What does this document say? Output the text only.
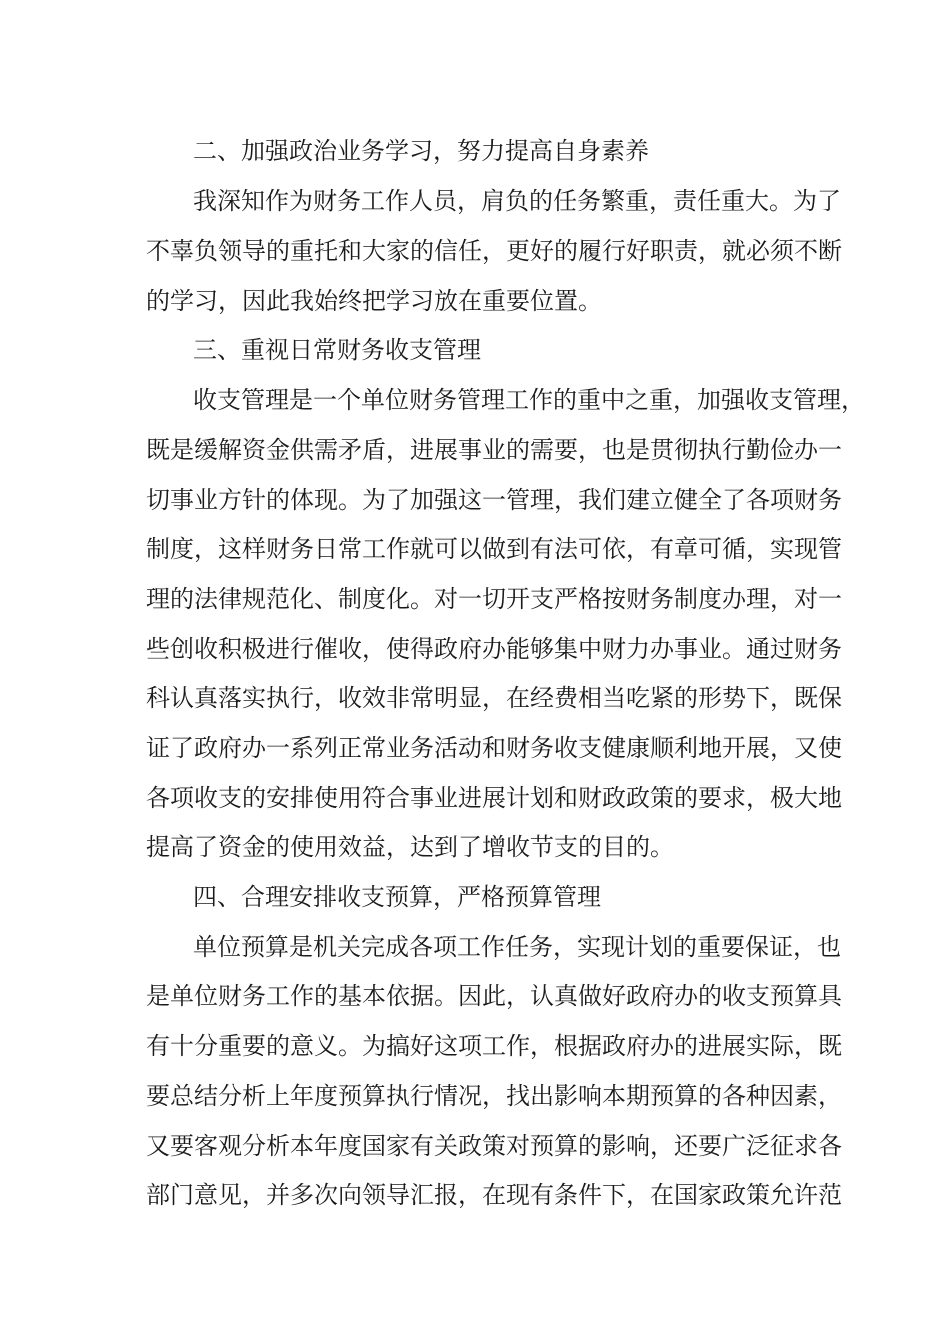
二、加强政治业务学习，努力提高自身素养
我深知作为财务工作人员，肩负的任务繁重，责任重大。为了
不辜负领导的重托和大家的信任，更好的履行好职责，就必须不断
的学习，因此我始终把学习放在重要位置。
三、重视日常财务收支管理
收支管理是一个单位财务管理工作的重中之重，加强收支管理，
既是缓解资金供需矛盾，进展事业的需要，也是贯彻执行勤俭办一
切事业方针的体现。为了加强这一管理，我们建立健全了各项财务
制度，这样财务日常工作就可以做到有法可依，有章可循，实现管
理的法律规范化、制度化。对一切开支严格按财务制度办理，对一
些创收积极进行催收，使得政府办能够集中财力办事业。通过财务
科认真落实执行，收效非常明显，在经费相当吃紧的形势下，既保
证了政府办一系列正常业务活动和财务收支健康顺利地开展，又使
各项收支的安排使用符合事业进展计划和财政政策的要求，极大地
提高了资金的使用效益，达到了增收节支的目的。
四、合理安排收支预算，严格预算管理
单位预算是机关完成各项工作任务，实现计划的重要保证，也
是单位财务工作的基本依据。因此，认真做好政府办的收支预算具
有十分重要的意义。为搞好这项工作，根据政府办的进展实际，既
要总结分析上年度预算执行情况，找出影响本期预算的各种因素，
又要客观分析本年度国家有关政策对预算的影响，还要广泛征求各
部门意见，并多次向领导汇报，在现有条件下，在国家政策允许范
